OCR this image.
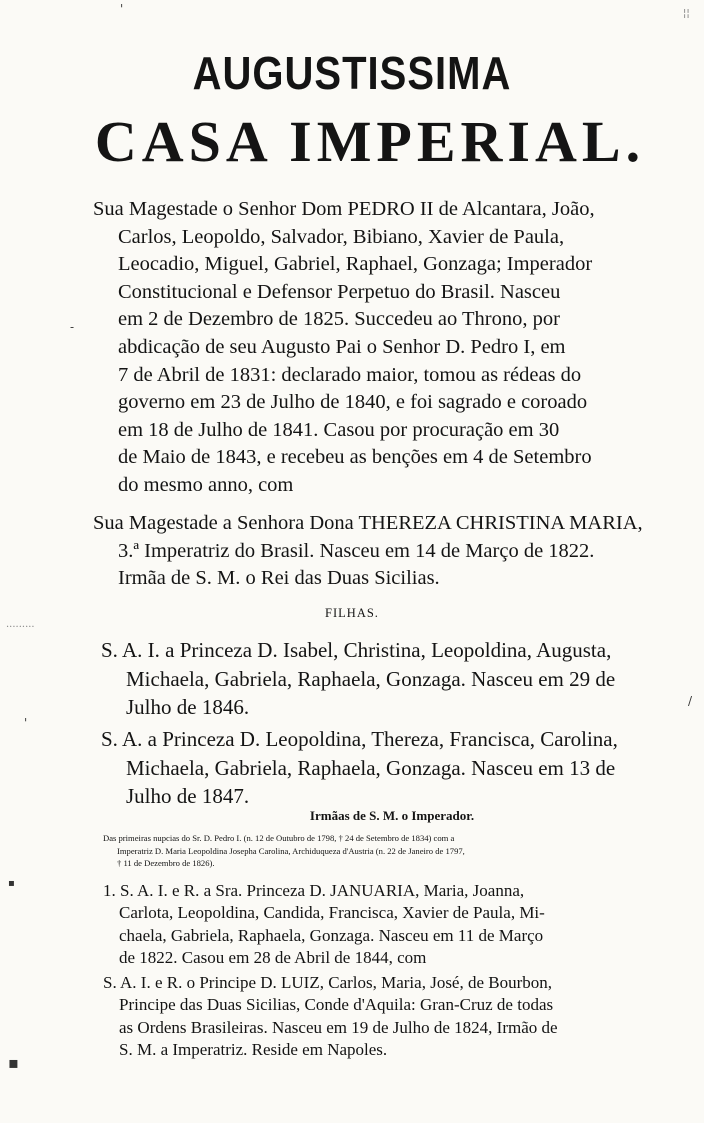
AUGUSTISSIMA
CASA IMPERIAL.
Sua Magestade o Senhor Dom PEDRO II de Alcantara, João,
Carlos, Leopoldo, Salvador, Bibiano, Xavier de Paula,
Leocadio, Miguel, Gabriel, Raphael, Gonzaga; Imperador
Constitucional e Defensor Perpetuo do Brasil. Nasceu
em 2 de Dezembro de 1825. Succedeu ao Throno, por
abdicação de seu Augusto Pai o Senhor D. Pedro I, em
7 de Abril de 1831: declarado maior, tomou as rédeas do
governo em 23 de Julho de 1840, e foi sagrado e coroado
em 18 de Julho de 1841. Casou por procuração em 30
de Maio de 1843, e recebeu as benções em 4 de Setembro
do mesmo anno, com
Sua Magestade a Senhora Dona THEREZA CHRISTINA MARIA,
3.ª Imperatriz do Brasil. Nasceu em 14 de Março de 1822.
Irmãa de S. M. o Rei das Duas Sicilias.
FILHAS.
S. A. I. a Princeza D. Isabel, Christina, Leopoldina, Augusta,
Michaela, Gabriela, Raphaela, Gonzaga. Nasceu em 29 de
Julho de 1846.
S. A. a Princeza D. Leopoldina, Thereza, Francisca, Carolina,
Michaela, Gabriela, Raphaela, Gonzaga. Nasceu em 13 de
Julho de 1847.
Irmãas de S. M. o Imperador.
Das primeiras nupcias do Sr. D. Pedro I. (n. 12 de Outubro de 1798, † 24 de Setembro de 1834) com a
Imperatriz D. Maria Leopoldina Josepha Carolina, Archiduqueza d'Austria (n. 22 de Janeiro de 1797,
† 11 de Dezembro de 1826).
1. S. A. I. e R. a Sra. Princeza D. JANUARIA, Maria, Joanna,
Carlota, Leopoldina, Candida, Francisca, Xavier de Paula, Mi-
chaela, Gabriela, Raphaela, Gonzaga. Nasceu em 11 de Março
de 1822. Casou em 28 de Abril de 1844, com
S. A. I. e R. o Principe D. LUIZ, Carlos, Maria, José, de Bourbon,
Principe das Duas Sicilias, Conde d'Aquila: Gran-Cruz de todas
as Ordens Brasileiras. Nasceu em 19 de Julho de 1824, Irmão de
S. M. a Imperatriz. Reside em Napoles.
'	¦¦
-
·········
'
/
▪
▪
